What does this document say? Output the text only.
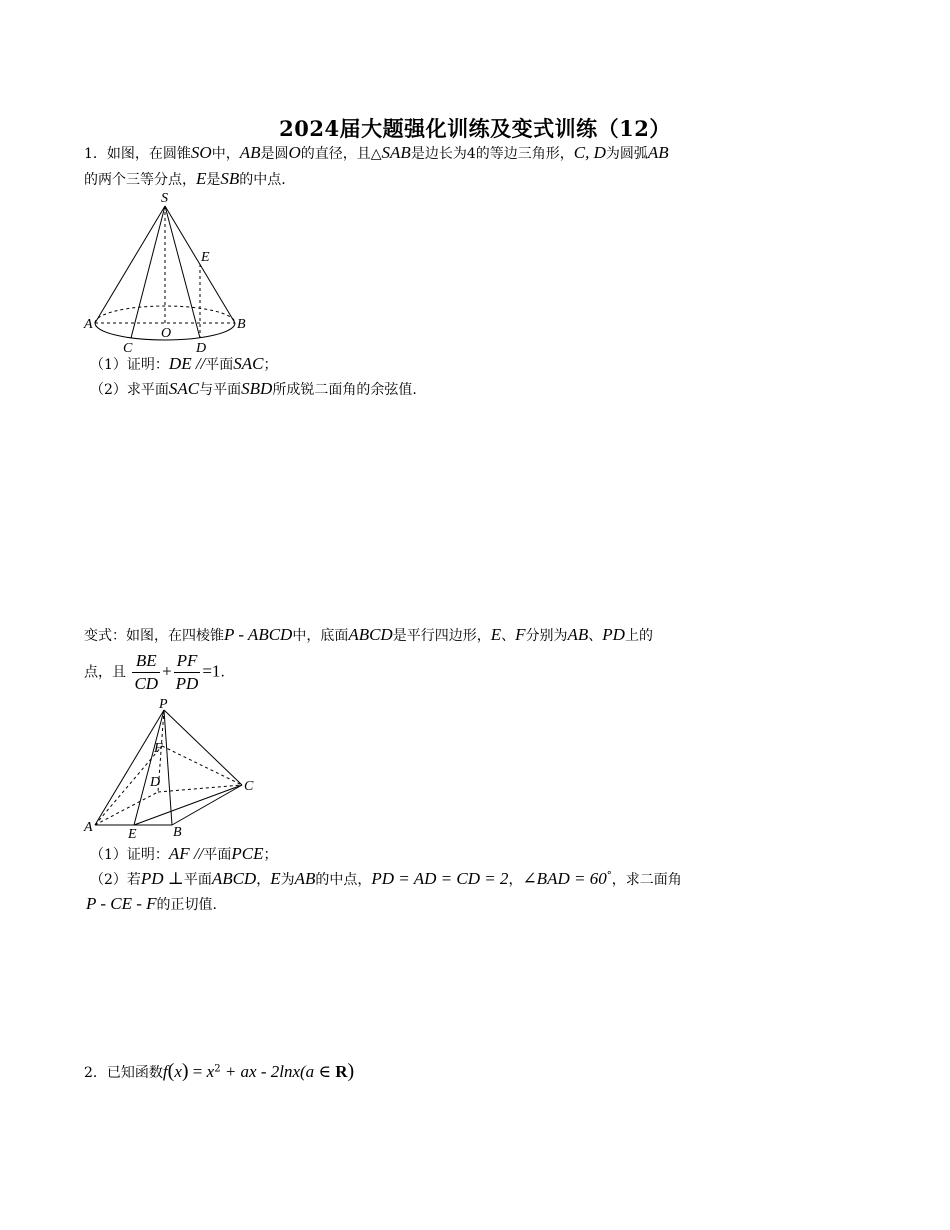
2024届大题强化训练及变式训练（12）
1．如图，在圆锥SO中，AB是圆O的直径，且△SAB是边长为4的等边三角形，C, D为圆弧AB
的两个三等分点，E是SB的中点.
S
E
A	B
O
C	D
（1）证明：DE //平面SAC；
（2）求平面SAC与平面SBD所成锐二面角的余弦值.
变式：如图，在四棱锥P - ABCD中，底面ABCD是平行四边形，E、F分别为AB、PD上的
点，且 $\frac{BE}{CD} + \frac{PF}{PD} =1$.
P
F
D	C
A	E	B
（1）证明：AF //平面PCE；
（2）若PD ⊥平面ABCD，E为AB的中点，PD = AD = CD = 2，∠BAD = 60°，求二面角
P - CE - F的正切值.
2．已知函数$f(x) = x^2$ + ax - 2lnx(a ∈ R)
